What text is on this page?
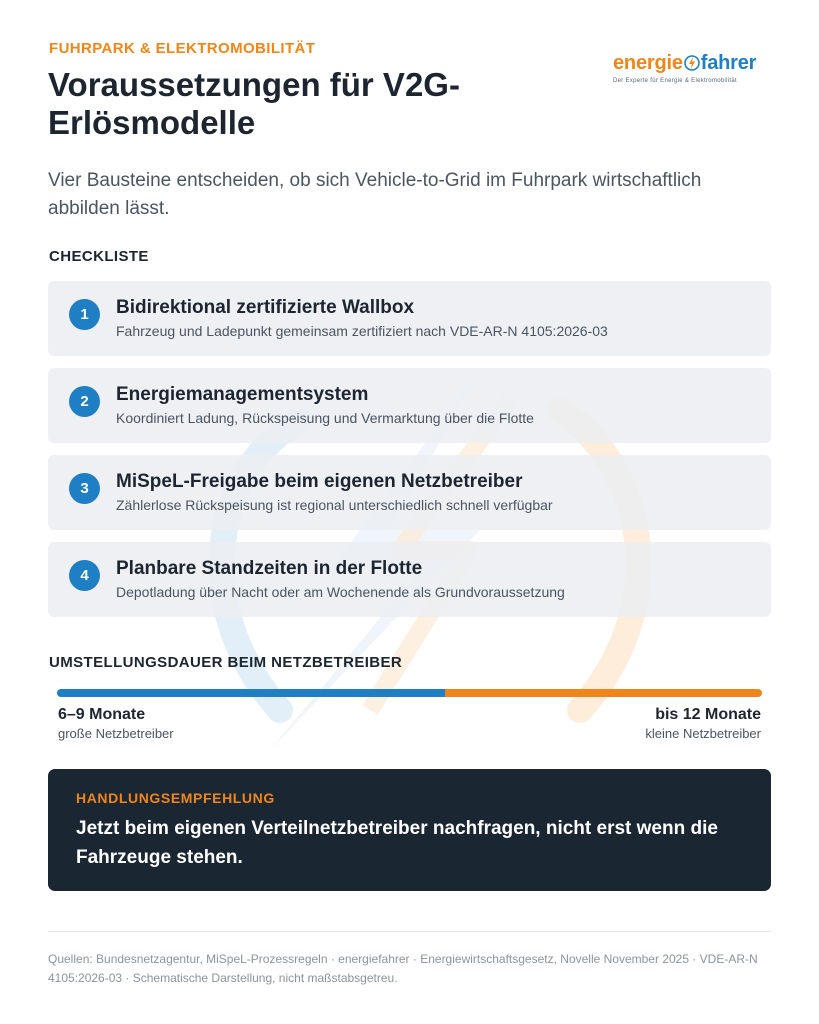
FUHRPARK & ELEKTROMOBILITÄT
Voraussetzungen für V2G-Erlösmodelle
energie fahrer
Der Experte für Energie & Elektromobilität

Vier Bausteine entscheiden, ob sich Vehicle-to-Grid im Fuhrpark wirtschaftlich abbilden lässt.

CHECKLISTE
1	Bidirektional zertifizierte Wallbox
Fahrzeug und Ladepunkt gemeinsam zertifiziert nach VDE-AR-N 4105:2026-03
2	Energiemanagementsystem
Koordiniert Ladung, Rückspeisung und Vermarktung über die Flotte
3	MiSpeL-Freigabe beim eigenen Netzbetreiber
Zählerlose Rückspeisung ist regional unterschiedlich schnell verfügbar
4	Planbare Standzeiten in der Flotte
Depotladung über Nacht oder am Wochenende als Grundvoraussetzung
UMSTELLUNGSDAUER BEIM NETZBETREIBER
6–9 Monate
große Netzbetreiber
bis 12 Monate
kleine Netzbetreiber
HANDLUNGSEMPFEHLUNG
Jetzt beim eigenen Verteilnetzbetreiber nachfragen, nicht erst wenn die Fahrzeuge stehen.

Quellen: Bundesnetzagentur, MiSpeL-Prozessregeln · energiefahrer · Energiewirtschaftsgesetz, Novelle November 2025 · VDE-AR-N 4105:2026-03 · Schematische Darstellung, nicht maßstabsgetreu.
